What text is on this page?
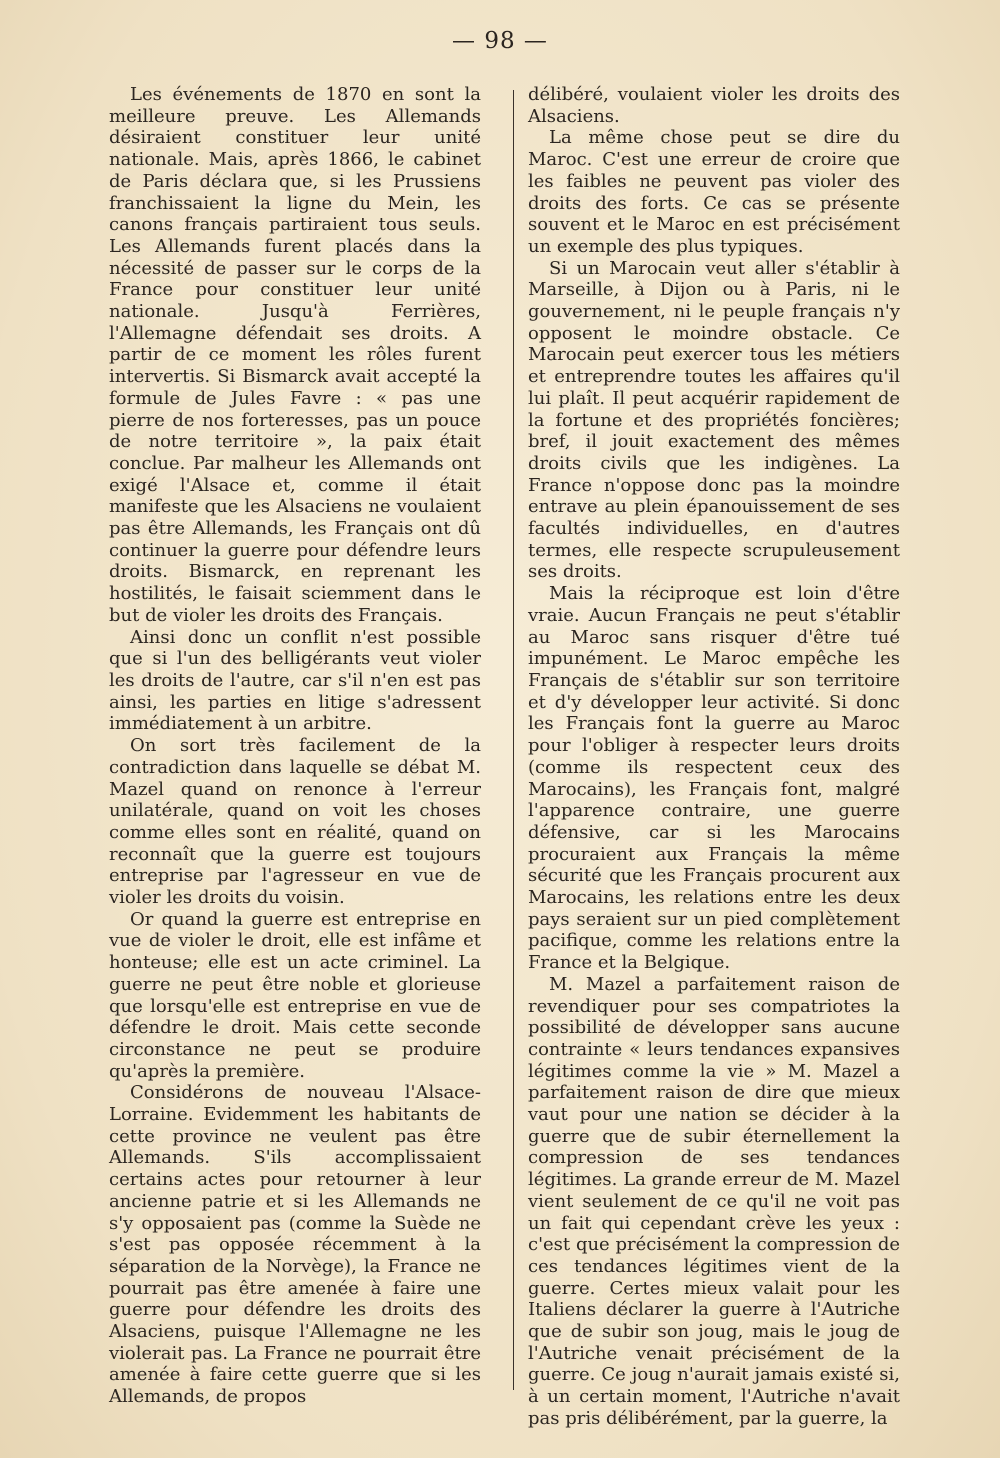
— 98 —

Les événements de 1870 en sont la meilleure preuve. Les Allemands désiraient constituer leur unité nationale. Mais, après 1866, le cabinet de Paris déclara que, si les Prussiens franchissaient la ligne du Mein, les canons français partiraient tous seuls. Les Allemands furent placés dans la nécessité de passer sur le corps de la France pour constituer leur unité nationale. Jusqu'à Ferrières, l'Allemagne défendait ses droits. A partir de ce moment les rôles furent intervertis. Si Bismarck avait accepté la formule de Jules Favre : « pas une pierre de nos forteresses, pas un pouce de notre territoire », la paix était conclue. Par malheur les Allemands ont exigé l'Alsace et, comme il était manifeste que les Alsaciens ne voulaient pas être Allemands, les Français ont dû continuer la guerre pour défendre leurs droits. Bismarck, en reprenant les hostilités, le faisait sciemment dans le but de violer les droits des Français.

Ainsi donc un conflit n'est possible que si l'un des belligérants veut violer les droits de l'autre, car s'il n'en est pas ainsi, les parties en litige s'adressent immédiatement à un arbitre.

On sort très facilement de la contradiction dans laquelle se débat M. Mazel quand on renonce à l'erreur unilatérale, quand on voit les choses comme elles sont en réalité, quand on reconnaît que la guerre est toujours entreprise par l'agresseur en vue de violer les droits du voisin.

Or quand la guerre est entreprise en vue de violer le droit, elle est infâme et honteuse; elle est un acte criminel. La guerre ne peut être noble et glorieuse que lorsqu'elle est entreprise en vue de défendre le droit. Mais cette seconde circonstance ne peut se produire qu'après la première.

Considérons de nouveau l'Alsace-Lorraine. Evidemment les habitants de cette province ne veulent pas être Allemands. S'ils accomplissaient certains actes pour retourner à leur ancienne patrie et si les Allemands ne s'y opposaient pas (comme la Suède ne s'est pas opposée récemment à la séparation de la Norvège), la France ne pourrait pas être amenée à faire une guerre pour défendre les droits des Alsaciens, puisque l'Allemagne ne les violerait pas. La France ne pourrait être amenée à faire cette guerre que si les Allemands, de propos

délibéré, voulaient violer les droits des Alsaciens.

La même chose peut se dire du Maroc. C'est une erreur de croire que les faibles ne peuvent pas violer des droits des forts. Ce cas se présente souvent et le Maroc en est précisément un exemple des plus typiques.

Si un Marocain veut aller s'établir à Marseille, à Dijon ou à Paris, ni le gouvernement, ni le peuple français n'y opposent le moindre obstacle. Ce Marocain peut exercer tous les métiers et entreprendre toutes les affaires qu'il lui plaît. Il peut acquérir rapidement de la fortune et des propriétés foncières; bref, il jouit exactement des mêmes droits civils que les indigènes. La France n'oppose donc pas la moindre entrave au plein épanouissement de ses facultés individuelles, en d'autres termes, elle respecte scrupuleusement ses droits.

Mais la réciproque est loin d'être vraie. Aucun Français ne peut s'établir au Maroc sans risquer d'être tué impunément. Le Maroc empêche les Français de s'établir sur son territoire et d'y développer leur activité. Si donc les Français font la guerre au Maroc pour l'obliger à respecter leurs droits (comme ils respectent ceux des Marocains), les Français font, malgré l'apparence contraire, une guerre défensive, car si les Marocains procuraient aux Français la même sécurité que les Français procurent aux Marocains, les relations entre les deux pays seraient sur un pied complètement pacifique, comme les relations entre la France et la Belgique.

M. Mazel a parfaitement raison de revendiquer pour ses compatriotes la possibilité de développer sans aucune contrainte « leurs tendances expansives légitimes comme la vie » M. Mazel a parfaitement raison de dire que mieux vaut pour une nation se décider à la guerre que de subir éternellement la compression de ses tendances légitimes. La grande erreur de M. Mazel vient seulement de ce qu'il ne voit pas un fait qui cependant crève les yeux : c'est que précisément la compression de ces tendances légitimes vient de la guerre. Certes mieux valait pour les Italiens déclarer la guerre à l'Autriche que de subir son joug, mais le joug de l'Autriche venait précisément de la guerre. Ce joug n'aurait jamais existé si, à un certain moment, l'Autriche n'avait pas pris délibérément, par la guerre, la
